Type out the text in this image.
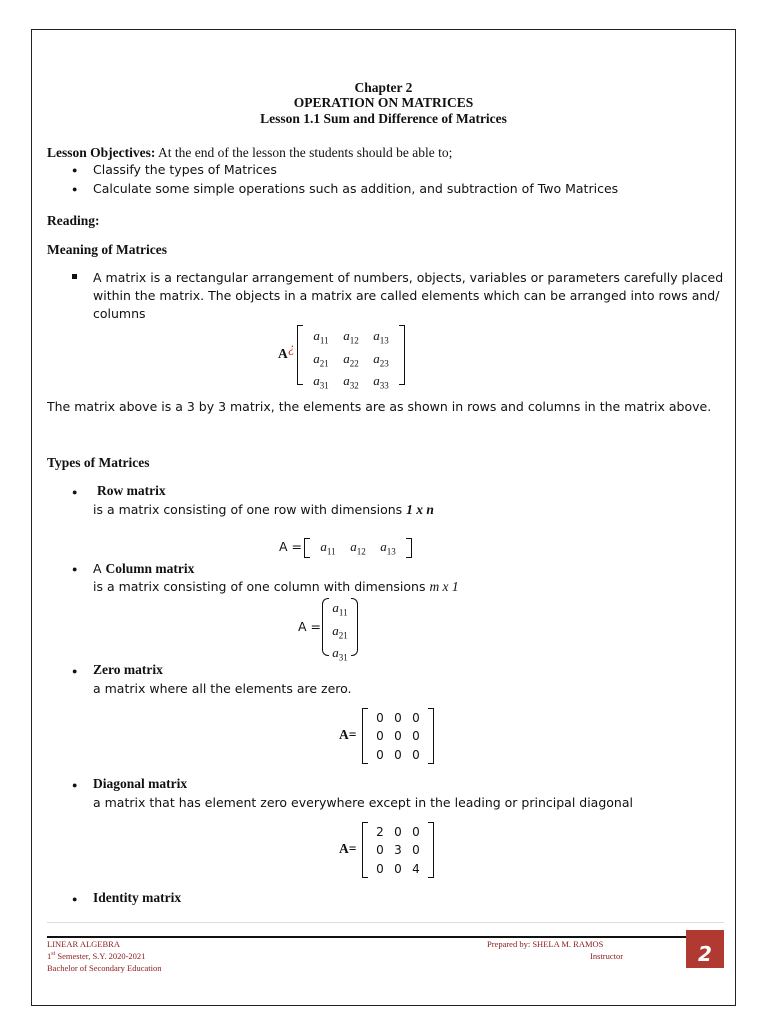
Chapter 2
OPERATION ON MATRICES
Lesson 1.1 Sum and Difference of Matrices
Lesson Objectives: At the end of the lesson the students should be able to;
● Classify the types of Matrices
● Calculate some simple operations such as addition, and subtraction of Two Matrices
Reading:
Meaning of Matrices
A matrix is a rectangular arrangement of numbers, objects, variables or parameters carefully placed
within the matrix. The objects in a matrix are called elements which can be arranged into rows and/
columns
A ¿
$a_{11}$	$a_{12}$	$a_{13}$
$a_{21}$	$a_{22}$	$a_{23}$
$a_{31}$	$a_{32}$	$a_{33}$
The matrix above is a 3 by 3 matrix, the elements are as shown in rows and columns in the matrix above.
Types of Matrices
● Row matrix
is a matrix consisting of one row with dimensions 1 x n
A =	$a_{11}$	$a_{12}$	$a_{13}$
● A Column matrix
is a matrix consisting of one column with dimensions m x 1
A =
$a_{11}$
$a_{21}$
$a_{31}$
● Zero matrix
a matrix where all the elements are zero.
A=
0 0 0
0 0 0
0 0 0
● Diagonal matrix
a matrix that has element zero everywhere except in the leading or principal diagonal
A=
2 0 0
0 3 0
0 0 4
● Identity matrix
LINEAR ALGEBRA
1st Semester, S.Y. 2020-2021
Bachelor of Secondary Education
Prepared by: SHELA M. RAMOS
Instructor	2
